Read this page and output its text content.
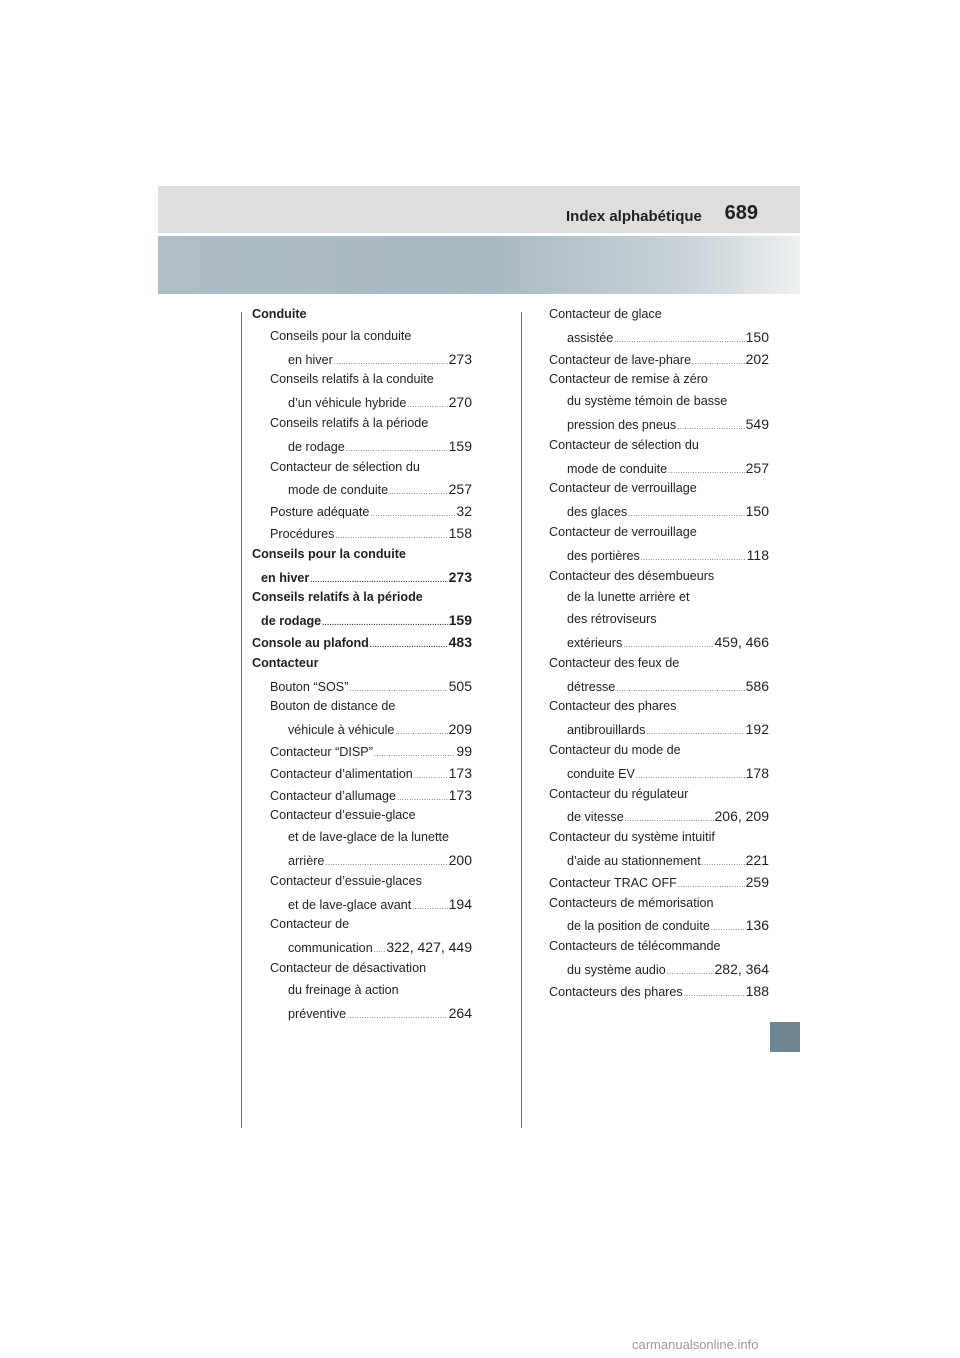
Index alphabétique	689
Conduite
Conseils pour la conduite
en hiver .....	273
Conseils relatifs à la conduite
d’un véhicule hybride .....	270
Conseils relatifs à la période
de rodage .....	159
Contacteur de sélection du
mode de conduite .....	257
Posture adéquate .....	32
Procédures .....	158
Conseils pour la conduite
en hiver .....	273
Conseils relatifs à la période
de rodage .....	159
Console au plafond .....	483
Contacteur
Bouton “SOS” .....	505
Bouton de distance de
véhicule à véhicule .....	209
Contacteur “DISP” .....	99
Contacteur d’alimentation .....	173
Contacteur d’allumage .....	173
Contacteur d’essuie-glace
et de lave-glace de la lunette
arrière .....	200
Contacteur d’essuie-glaces
et de lave-glace avant .....	194
Contacteur de
communication ..... 322, 427, 449
Contacteur de désactivation
du freinage à action
préventive .....	264
Contacteur de glace
assistée .....	150
Contacteur de lave-phare .....	202
Contacteur de remise à zéro
du système témoin de basse
pression des pneus .....	549
Contacteur de sélection du
mode de conduite .....	257
Contacteur de verrouillage
des glaces .....	150
Contacteur de verrouillage
des portières .....	118
Contacteur des désembueurs
de la lunette arrière et
des rétroviseurs
extérieurs .....	459, 466
Contacteur des feux de
détresse .....	586
Contacteur des phares
antibrouillards .....	192
Contacteur du mode de
conduite EV .....	178
Contacteur du régulateur
de vitesse .....	206, 209
Contacteur du système intuitif
d’aide au stationnement .....	221
Contacteur TRAC OFF .....	259
Contacteurs de mémorisation
de la position de conduite .....	136
Contacteurs de télécommande
du système audio .....	282, 364
Contacteurs des phares .....	188
carmanualsonline.info
